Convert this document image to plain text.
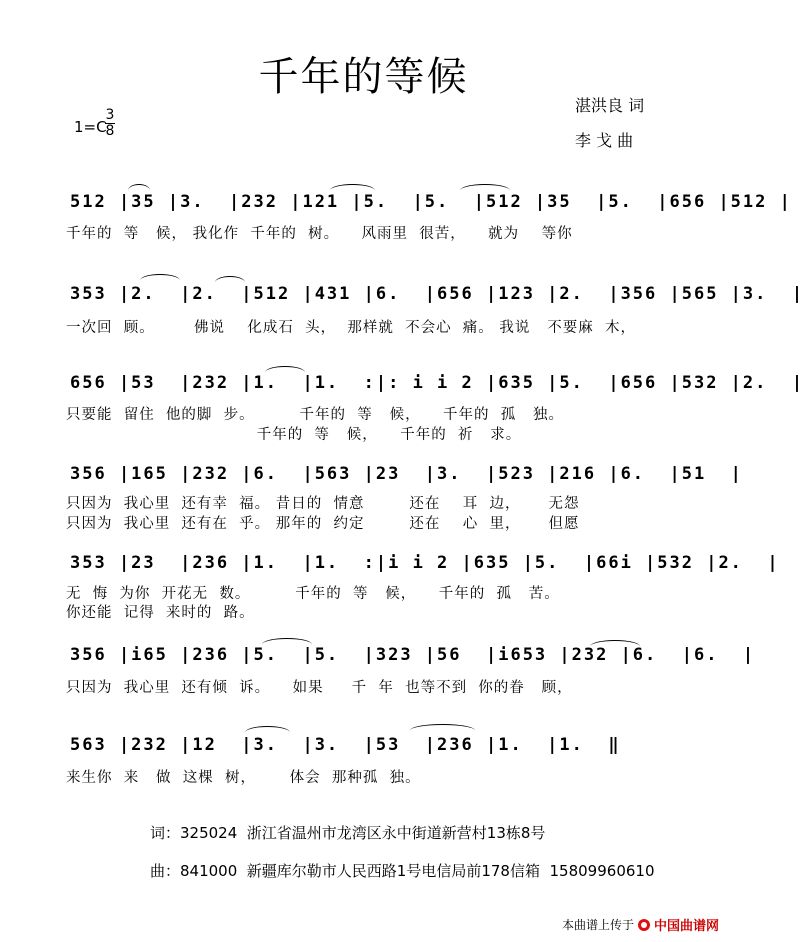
千年的等候
湛洪良 词
李 戈 曲
1=C
3
8
512 |35 |3.  |232 |121 |5.  |5.  |512 |35  |5.  |656 |512 |
千年的  等   候， 我化作  千年的  树。    风雨里  很苦，    就为    等你
353 |2.  |2.  |512 |431 |6.  |656 |123 |2.  |356 |565 |3.  |
一次回  顾。       佛说    化成石  头，  那样就  不会心  痛。 我说   不要麻  木，
656 |53  |232 |1.  |1.  :|: i i 2 |635 |5.  |656 |532 |2.  |
只要能  留住  他的脚  步。        千年的  等   候，    千年的  孤   独。
千年的  等   候，    千年的  祈   求。
356 |165 |232 |6.  |563 |23  |3.  |523 |216 |6.  |51  |
只因为  我心里  还有幸  福。 昔日的  情意        还在    耳  边，     无怨
只因为  我心里  还有在  乎。 那年的  约定        还在    心  里，     但愿
353 |23  |236 |1.  |1.  :|i i 2 |635 |5.  |66i |532 |2.  |
无  悔  为你  开花无  数。        千年的  等   候，    千年的  孤   苦。
你还能  记得  来时的  路。
356 |i65 |236 |5.  |5.  |323 |56  |i653 |232 |6.  |6.  |
只因为  我心里  还有倾  诉。    如果     千  年  也等不到  你的眷   顾，
563 |232 |12  |3.  |3.  |53  |236 |1.  |1.  ‖
来生你  来   做  这棵  树，      体会  那种孤  独。
词：325024  浙江省温州市龙湾区永中街道新营村13栋8号
曲：841000  新疆库尔勒市人民西路1号电信局前178信箱  15809960610
本曲谱上传于 中国曲谱网
